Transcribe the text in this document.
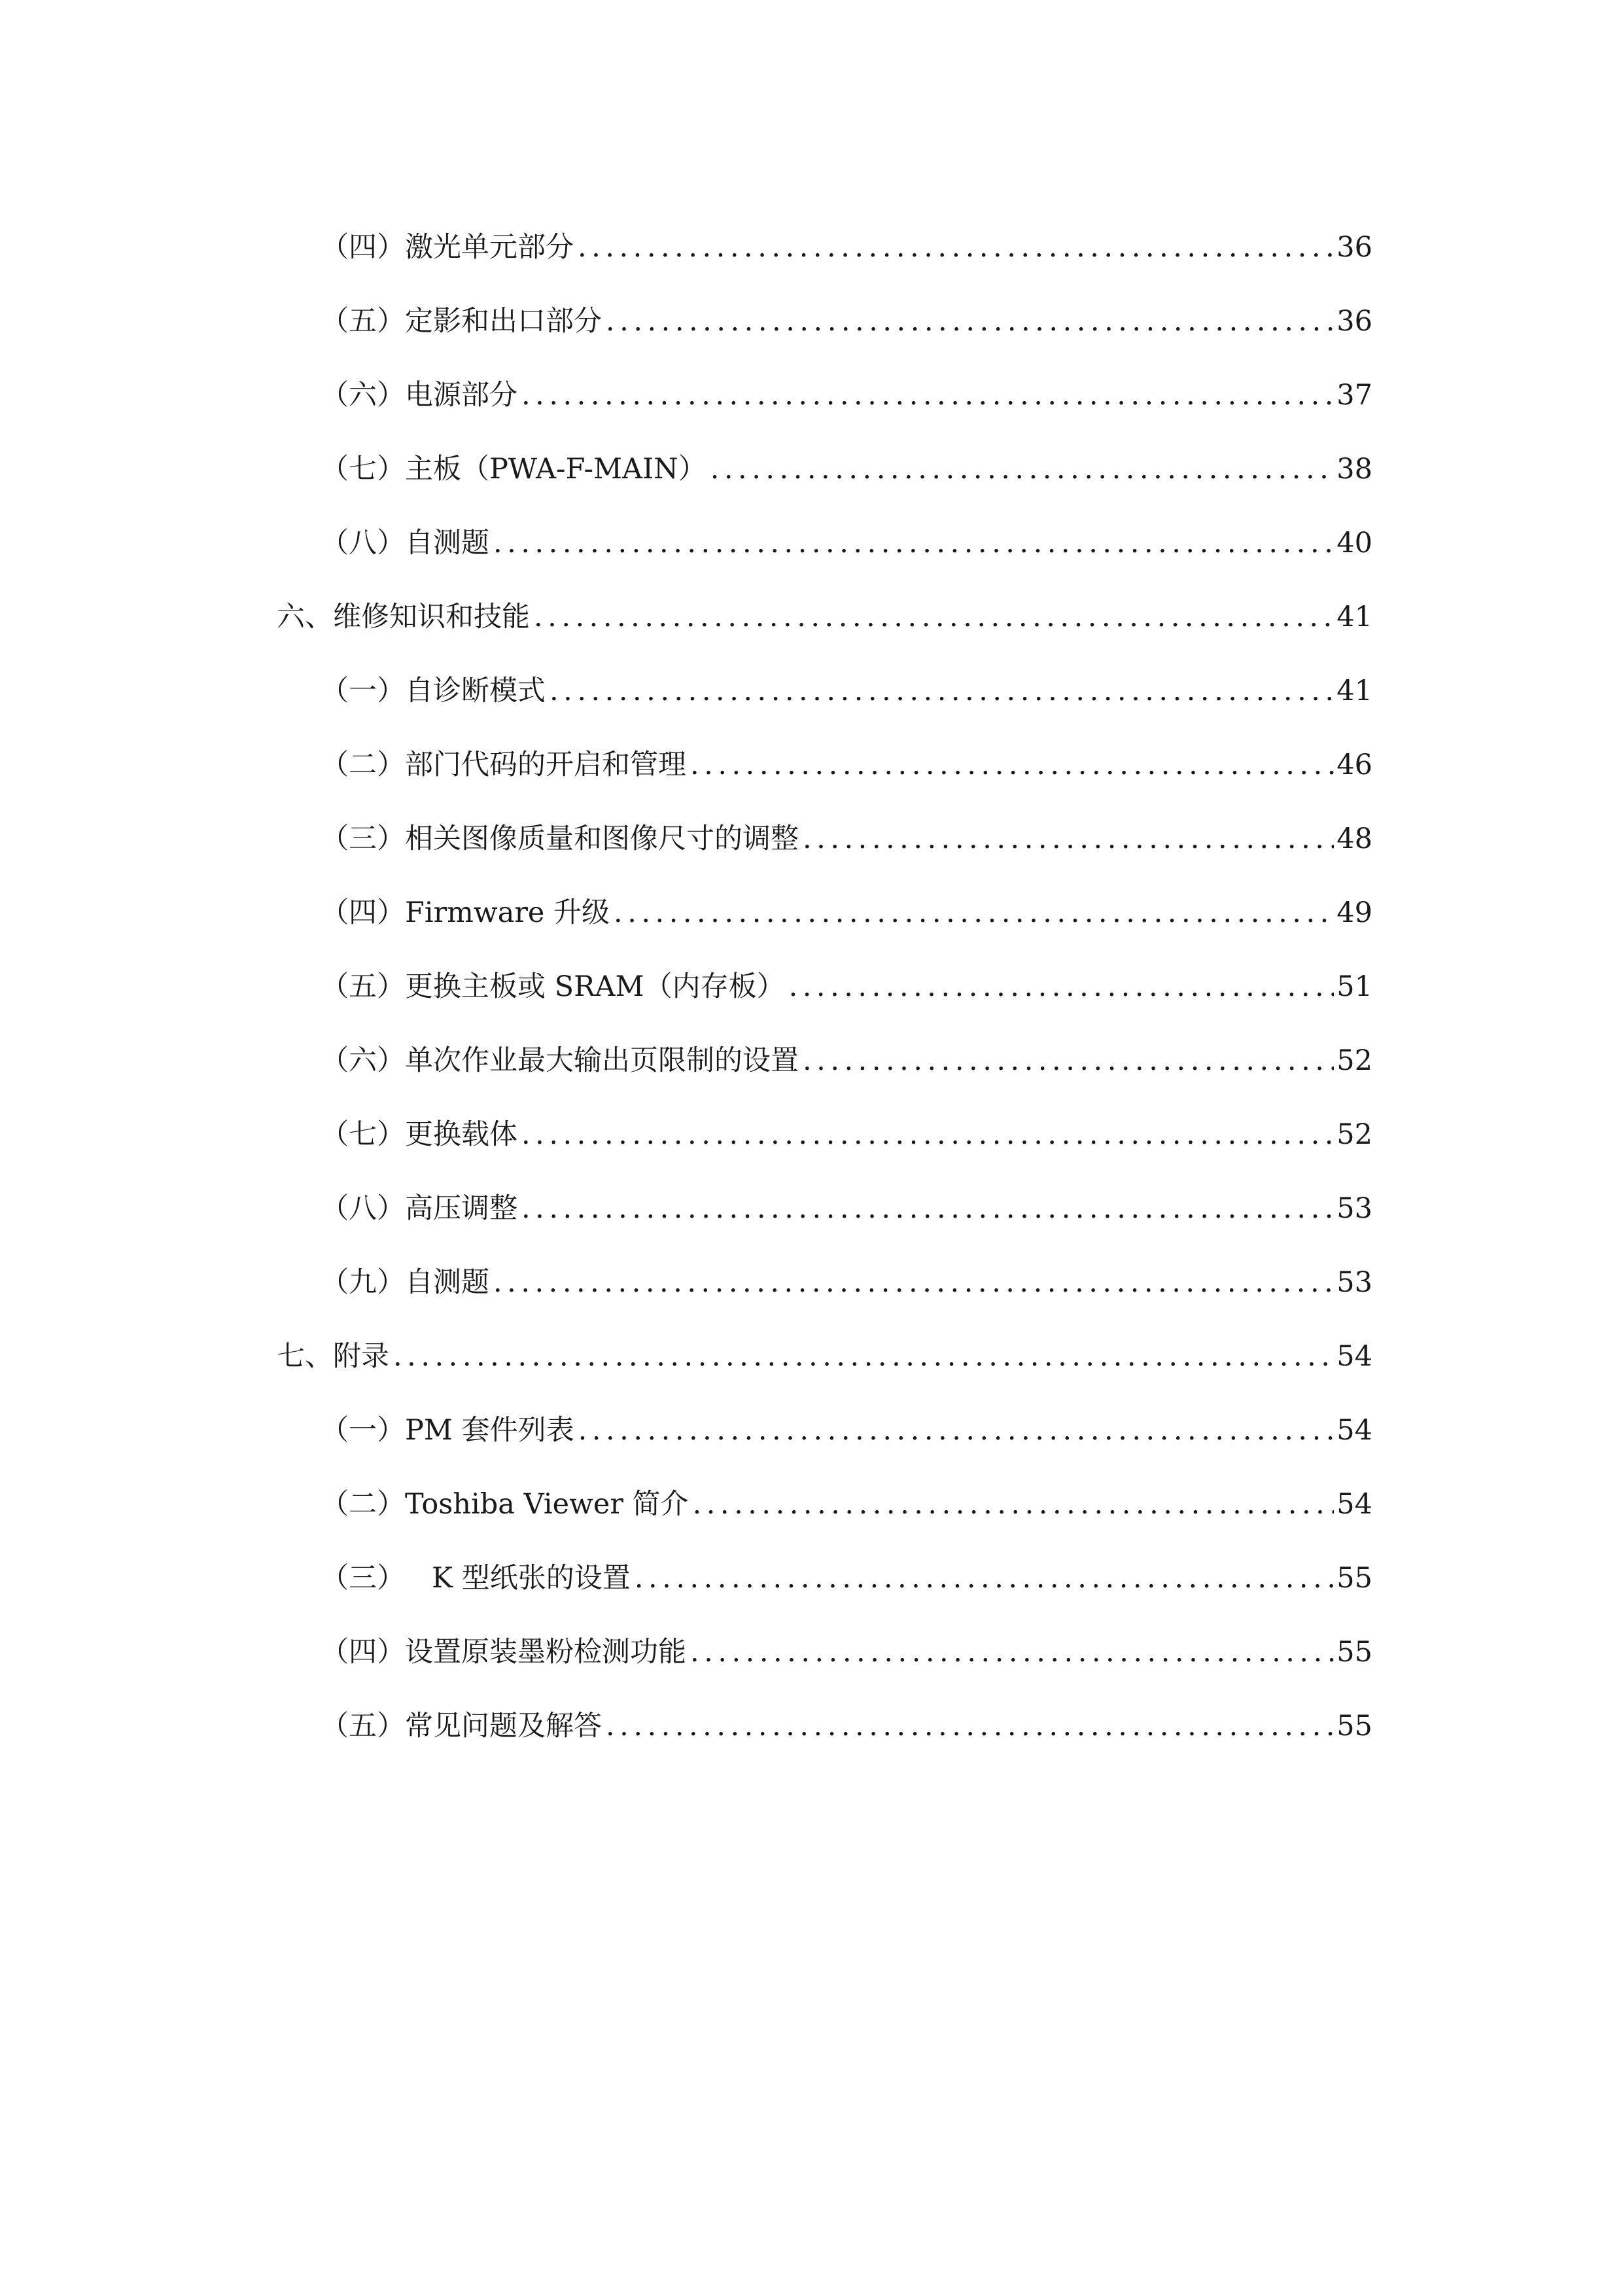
（四）激光单元部分 .....	36
（五）定影和出口部分 .....	36
（六）电源部分 .....	37
（七）主板（PWA-F-MAIN） .....	38
（八）自测题 .....	40
六、维修知识和技能 .....	41
（一）自诊断模式 .....	41
（二）部门代码的开启和管理 .....	46
（三）相关图像质量和图像尺寸的调整 .....	48
（四）Firmware 升级 .....	49
（五）更换主板或 SRAM（内存板） .....	51
（六）单次作业最大输出页限制的设置 .....	52
（七）更换载体 .....	52
（八）高压调整 .....	53
（九）自测题 .....	53
七、附录 .....	54
（一）PM 套件列表 .....	54
（二）Toshiba Viewer 简介 .....	54
（三）   K 型纸张的设置 .....	55
（四）设置原装墨粉检测功能 .....	55
（五）常见问题及解答 .....	55
